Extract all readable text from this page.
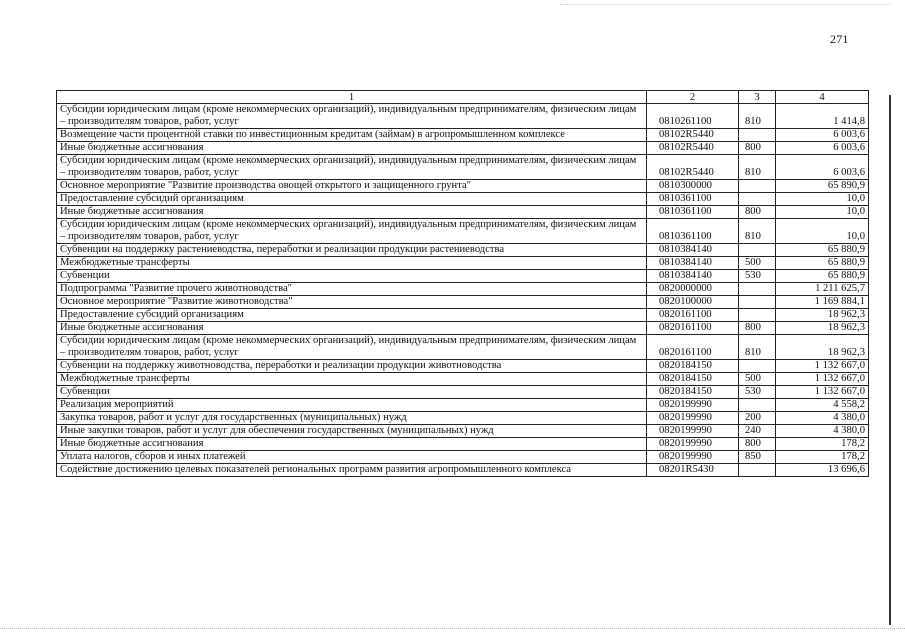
271
1	2	3	4
Субсидии юридическим лицам (кроме некоммерческих организаций), индивидуальным предпринимателям, физическим лицам – производителям товаров, работ, услуг	0810261100	810	1 414,8
Возмещение части процентной ставки по инвестиционным кредитам (займам) в агропромышленном комплексе	08102R5440		6 003,6
Иные бюджетные ассигнования	08102R5440	800	6 003,6
Субсидии юридическим лицам (кроме некоммерческих организаций), индивидуальным предпринимателям, физическим лицам – производителям товаров, работ, услуг	08102R5440	810	6 003,6
Основное мероприятие "Развитие производства овощей открытого и защищенного грунта"	0810300000		65 890,9
Предоставление субсидий организациям	0810361100		10,0
Иные бюджетные ассигнования	0810361100	800	10,0
Субсидии юридическим лицам (кроме некоммерческих организаций), индивидуальным предпринимателям, физическим лицам – производителям товаров, работ, услуг	0810361100	810	10,0
Субвенции на поддержку растениеводства, переработки и реализации продукции растениеводства	0810384140		65 880,9
Межбюджетные трансферты	0810384140	500	65 880,9
Субвенции	0810384140	530	65 880,9
Подпрограмма "Развитие прочего животноводства"	0820000000		1 211 625,7
Основное мероприятие "Развитие животноводства"	0820100000		1 169 884,1
Предоставление субсидий организациям	0820161100		18 962,3
Иные бюджетные ассигнования	0820161100	800	18 962,3
Субсидии юридическим лицам (кроме некоммерческих организаций), индивидуальным предпринимателям, физическим лицам – производителям товаров, работ, услуг	0820161100	810	18 962,3
Субвенции на поддержку животноводства, переработки и реализации продукции животноводства	0820184150		1 132 667,0
Межбюджетные трансферты	0820184150	500	1 132 667,0
Субвенции	0820184150	530	1 132 667,0
Реализация мероприятий	0820199990		4 558,2
Закупка товаров, работ и услуг для государственных (муниципальных) нужд	0820199990	200	4 380,0
Иные закупки товаров, работ и услуг для обеспечения государственных (муниципальных) нужд	0820199990	240	4 380,0
Иные бюджетные ассигнования	0820199990	800	178,2
Уплата налогов, сборов и иных платежей	0820199990	850	178,2
Содействие достижению целевых показателей региональных программ развития агропромышленного комплекса	08201R5430		13 696,6
